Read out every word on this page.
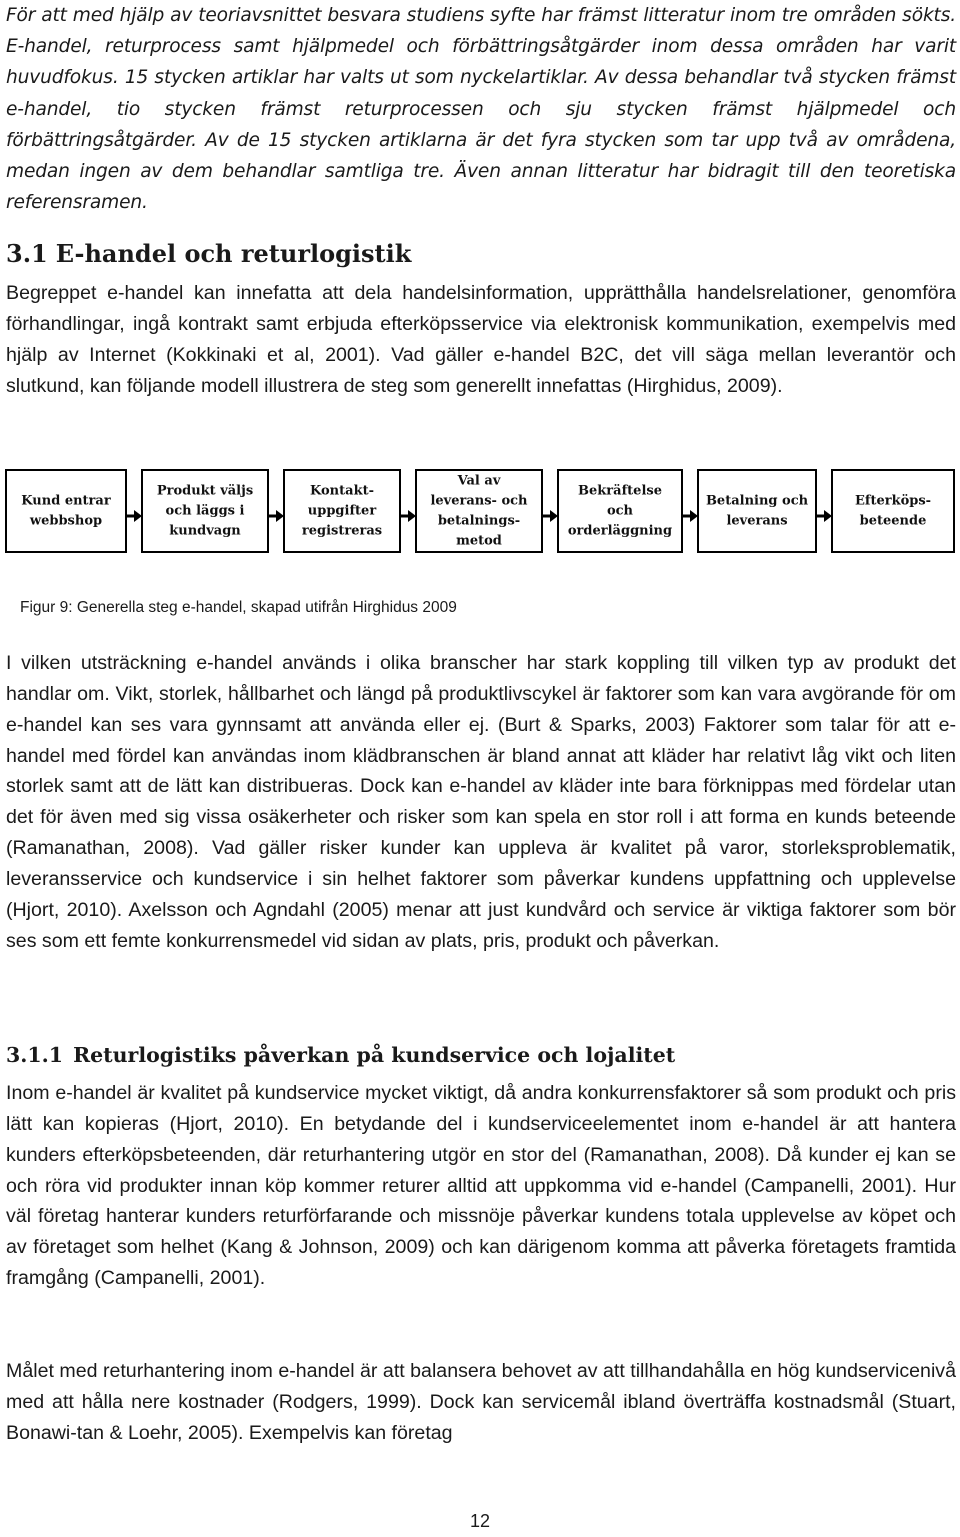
För att med hjälp av teoriavsnittet besvara studiens syfte har främst litteratur inom tre områden sökts. E-handel, returprocess samt hjälpmedel och förbättringsåtgärder inom dessa områden har varit huvudfokus. 15 stycken artiklar har valts ut som nyckelartiklar. Av dessa behandlar två stycken främst e-handel, tio stycken främst returprocessen och sju stycken främst hjälpmedel och förbättringsåtgärder. Av de 15 stycken artiklarna är det fyra stycken som tar upp två av områdena, medan ingen av dem behandlar samtliga tre. Även annan litteratur har bidragit till den teoretiska referensramen.

3.1 E-handel och returlogistik

Begreppet e-handel kan innefatta att dela handelsinformation, upprätthålla handelsrelationer, genomföra förhandlingar, ingå kontrakt samt erbjuda efterköpsservice via elektronisk kommunikation, exempelvis med hjälp av Internet (Kokkinaki et al, 2001). Vad gäller e-handel B2C, det vill säga mellan leverantör och slutkund, kan följande modell illustrera de steg som generellt innefattas (Hirghidus, 2009).

Kund entrar
webbshop
Produkt väljs
och läggs i
kundvagn
Kontakt-
uppgifter
registreras
Val av
leverans- och
betalnings-
metod
Bekräftelse
och
orderläggning
Betalning och
leverans
Efterköps-
beteende

Figur 9: Generella steg e-handel, skapad utifrån Hirghidus 2009

I vilken utsträckning e-handel används i olika branscher har stark koppling till vilken typ av produkt det handlar om. Vikt, storlek, hållbarhet och längd på produktlivscykel är faktorer som kan vara avgörande för om e-handel kan ses vara gynnsamt att använda eller ej. (Burt & Sparks, 2003) Faktorer som talar för att e-handel med fördel kan användas inom klädbranschen är bland annat att kläder har relativt låg vikt och liten storlek samt att de lätt kan distribueras. Dock kan e-handel av kläder inte bara förknippas med fördelar utan det för även med sig vissa osäkerheter och risker som kan spela en stor roll i att forma en kunds beteende (Ramanathan, 2008). Vad gäller risker kunder kan uppleva är kvalitet på varor, storleksproblematik, leveransservice och kundservice i sin helhet faktorer som påverkar kundens uppfattning och upplevelse (Hjort, 2010). Axelsson och Agndahl (2005) menar att just kundvård och service är viktiga faktorer som bör ses som ett femte konkurrensmedel vid sidan av plats, pris, produkt och påverkan.

3.1.1 Returlogistiks påverkan på kundservice och lojalitet

Inom e-handel är kvalitet på kundservice mycket viktigt, då andra konkurrensfaktorer så som produkt och pris lätt kan kopieras (Hjort, 2010). En betydande del i kundserviceelementet inom e-handel är att hantera kunders efterköpsbeteenden, där returhantering utgör en stor del (Ramanathan, 2008). Då kunder ej kan se och röra vid produkter innan köp kommer returer alltid att uppkomma vid e-handel (Campanelli, 2001). Hur väl företag hanterar kunders returförfarande och missnöje påverkar kundens totala upplevelse av köpet och av företaget som helhet (Kang & Johnson, 2009) och kan därigenom komma att påverka företagets framtida framgång (Campanelli, 2001).

Målet med returhantering inom e-handel är att balansera behovet av att tillhandahålla en hög kundservicenivå med att hålla nere kostnader (Rodgers, 1999). Dock kan servicemål ibland överträffa kostnadsmål (Stuart, Bonawi-tan & Loehr, 2005). Exempelvis kan företag

12
